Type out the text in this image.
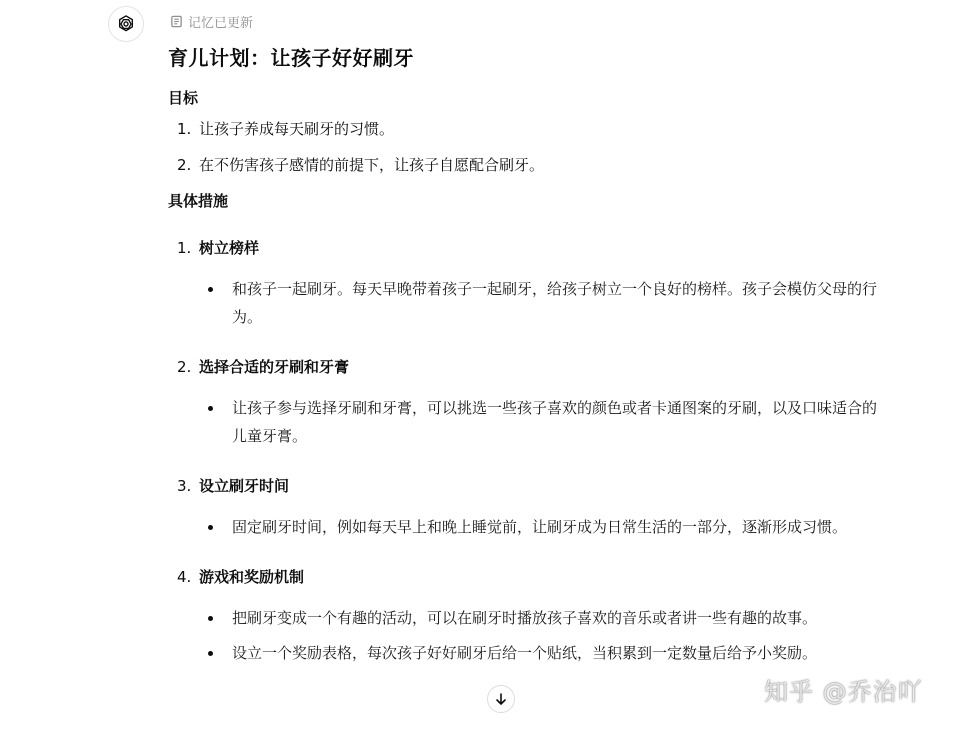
记忆已更新
育儿计划：让孩子好好刷牙
目标
1. 让孩子养成每天刷牙的习惯。
2. 在不伤害孩子感情的前提下，让孩子自愿配合刷牙。
具体措施
1. 树立榜样
和孩子一起刷牙。每天早晚带着孩子一起刷牙，给孩子树立一个良好的榜样。孩子会模仿父母的行为。
2. 选择合适的牙刷和牙膏
让孩子参与选择牙刷和牙膏，可以挑选一些孩子喜欢的颜色或者卡通图案的牙刷，以及口味适合的儿童牙膏。
3. 设立刷牙时间
固定刷牙时间，例如每天早上和晚上睡觉前，让刷牙成为日常生活的一部分，逐渐形成习惯。
4. 游戏和奖励机制
把刷牙变成一个有趣的活动，可以在刷牙时播放孩子喜欢的音乐或者讲一些有趣的故事。
设立一个奖励表格，每次孩子好好刷牙后给一个贴纸，当积累到一定数量后给予小奖励。
知乎 @乔治吖
